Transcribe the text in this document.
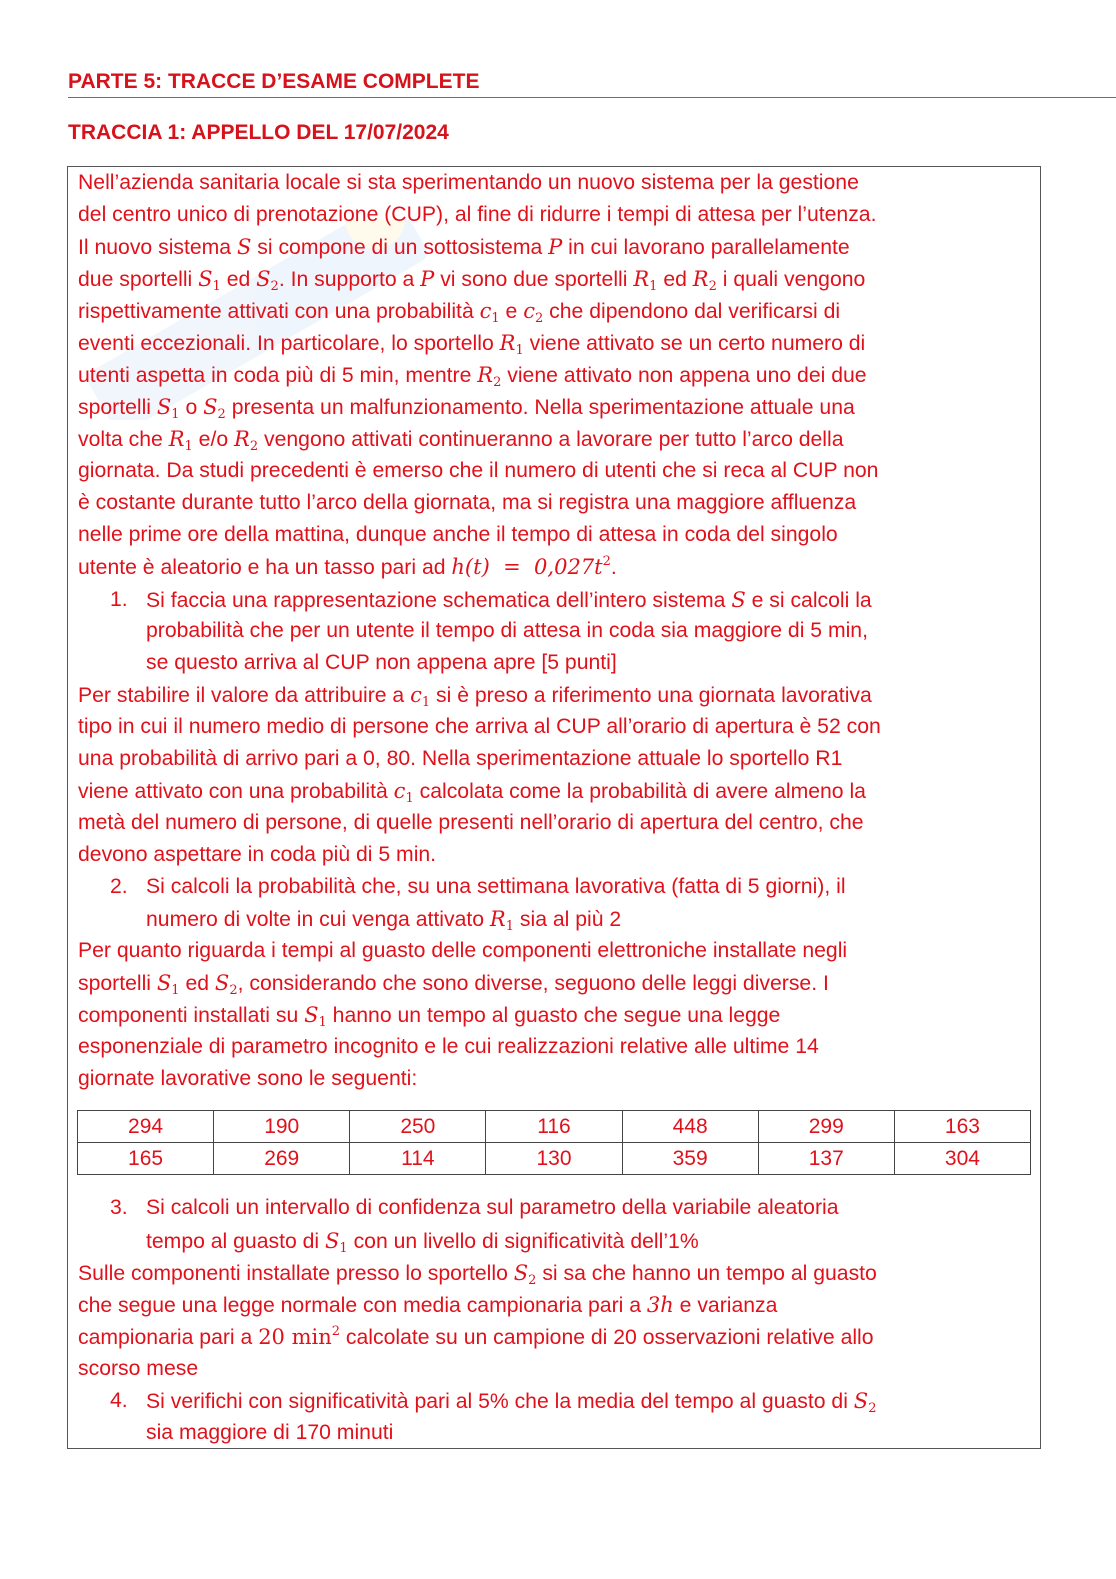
PARTE 5: TRACCE D’ESAME COMPLETE
TRACCIA 1: APPELLO DEL 17/07/2024
Nell’azienda sanitaria locale si sta sperimentando un nuovo sistema per la gestione
del centro unico di prenotazione (CUP), al fine di ridurre i tempi di attesa per l’utenza.
Il nuovo sistema S si compone di un sottosistema P in cui lavorano parallelamente
due sportelli $S_1$ ed $S_2$. In supporto a P vi sono due sportelli $R_1$ ed $R_2$ i quali vengono
rispettivamente attivati con una probabilità $c_1$ e $c_2$ che dipendono dal verificarsi di
eventi eccezionali. In particolare, lo sportello $R_1$ viene attivato se un certo numero di
utenti aspetta in coda più di 5 min, mentre $R_2$ viene attivato non appena uno dei due
sportelli $S_1$ o $S_2$ presenta un malfunzionamento. Nella sperimentazione attuale una
volta che $R_1$ e/o $R_2$ vengono attivati continueranno a lavorare per tutto l’arco della
giornata. Da studi precedenti è emerso che il numero di utenti che si reca al CUP non
è costante durante tutto l’arco della giornata, ma si registra una maggiore affluenza
nelle prime ore della mattina, dunque anche il tempo di attesa in coda del singolo
utente è aleatorio e ha un tasso pari ad $h(t) = 0,027t^2$.
1. Si faccia una rappresentazione schematica dell’intero sistema S e si calcoli la
probabilità che per un utente il tempo di attesa in coda sia maggiore di 5 min,
se questo arriva al CUP non appena apre [5 punti]
Per stabilire il valore da attribuire a $c_1$ si è preso a riferimento una giornata lavorativa
tipo in cui il numero medio di persone che arriva al CUP all’orario di apertura è 52 con
una probabilità di arrivo pari a 0, 80. Nella sperimentazione attuale lo sportello R1
viene attivato con una probabilità $c_1$ calcolata come la probabilità di avere almeno la
metà del numero di persone, di quelle presenti nell’orario di apertura del centro, che
devono aspettare in coda più di 5 min.
2. Si calcoli la probabilità che, su una settimana lavorativa (fatta di 5 giorni), il
numero di volte in cui venga attivato $R_1$ sia al più 2
Per quanto riguarda i tempi al guasto delle componenti elettroniche installate negli
sportelli $S_1$ ed $S_2$, considerando che sono diverse, seguono delle leggi diverse. I
componenti installati su $S_1$ hanno un tempo al guasto che segue una legge
esponenziale di parametro incognito e le cui realizzazioni relative alle ultime 14
giornate lavorative sono le seguenti:
294	190	250	116	448	299	163
165	269	114	130	359	137	304
3. Si calcoli un intervallo di confidenza sul parametro della variabile aleatoria
tempo al guasto di $S_1$ con un livello di significatività dell’1%
Sulle componenti installate presso lo sportello $S_2$ si sa che hanno un tempo al guasto
che segue una legge normale con media campionaria pari a 3h e varianza
campionaria pari a 20 $\min^2$ calcolate su un campione di 20 osservazioni relative allo
scorso mese
4. Si verifichi con significatività pari al 5% che la media del tempo al guasto di $S_2$
sia maggiore di 170 minuti
